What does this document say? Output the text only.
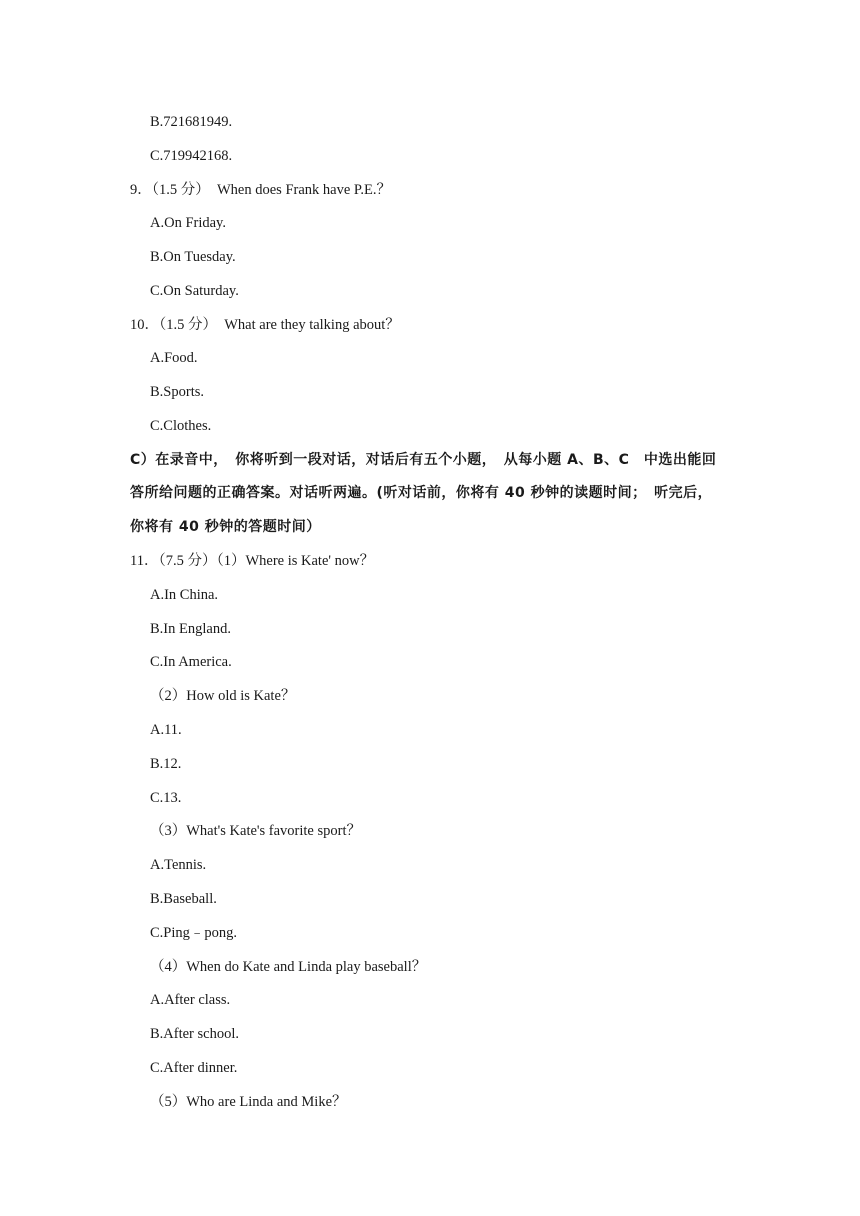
B.721681949.
C.719942168.
9．（1.5 分）　When does Frank have P.E.？
A.On Friday.
B.On Tuesday.
C.On Saturday.
10．（1.5 分）　What are they talking about？
A.Food.
B.Sports.
C.Clothes.
C）在录音中，　你将听到一段对话，对话后有五个小题，　从每小题 A、B、C　中选出能回
答所给问题的正确答案。对话听两遍。(听对话前，你将有 40 秒钟的读题时间；　听完后，
你将有 40 秒钟的答题时间）
11．（7.5 分）（1）Where is Kate' now？
A.In China.
B.In England.
C.In America.
（2）How old is Kate？
A.11.
B.12.
C.13.
（3）What's Kate's favorite sport？
A.Tennis.
B.Baseball.
C.Ping﹣pong.
（4）When do Kate and Linda play baseball？
A.After class.
B.After school.
C.After dinner.
（5）Who are Linda and Mike？
